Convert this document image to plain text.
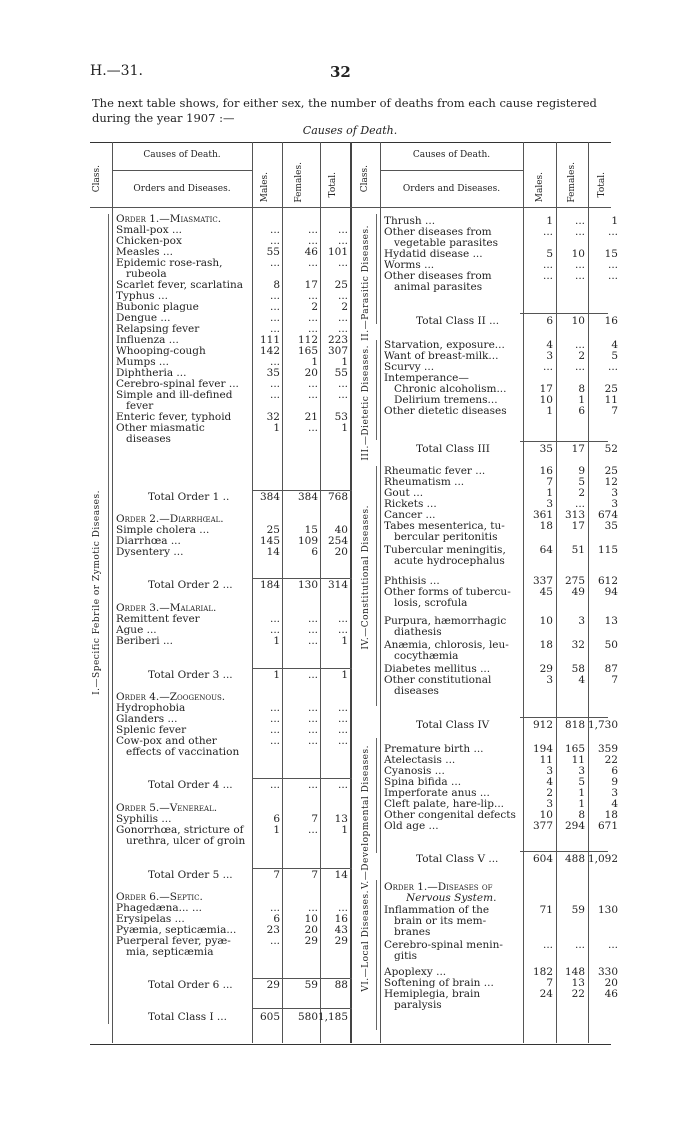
H.—31.	32
The next table shows, for either sex, the number of deaths from each cause registered during the year 1907 :—
Causes of Death.
Class.
Causes of Death.
Orders and Diseases.	Males.	Females.	Total. Class.
Causes of Death.
Orders and Diseases.	Males. Females. Total.
I.—Specific Febrile or Zymotic Diseases.
II.—Parasitic Diseases.
III.—Dietetic Diseases.
IV.—Constitutional Diseases.
V.—Developmental Diseases.
VI.—Local Diseases.
Order 1.—Miasmatic.
Small-pox ...	...	...	...
Chicken-pox	...	...	...
Measles ...	55	46 101
Epidemic rose-rash,	...	...	...
rubeola
Scarlet fever, scarlatina	8	17	25
Typhus ...	...	...	...
Bubonic plague	...	2	2
Dengue ...	...	...	...
Relapsing fever	...	...	...
Influenza ...	111	112 223
Whooping-cough	142	165 307
Mumps ...	...	1	1
Diphtheria ...	35	20	55
Cerebro-spinal fever ...	...	...	...
Simple and ill-defined	...	...	...
fever
Enteric fever, typhoid	32	21	53
Other miasmatic	1	...	1
diseases
Total Order 1 ..	384	384 768
Order 2.—Diarrhœal.
Simple cholera ...	25	15	40
Diarrhœa ...	145	109 254
Dysentery ...	14	6	20
Total Order 2 ...	184	130 314
Order 3.—Malarial.
Remittent fever	...	...	...
Ague ...	...	...	...
Beriberi ...	1	...	1
Total Order 3 ...	1	...	1
Order 4.—Zoogenous.
Hydrophobia	...	...	...
Glanders ...	...	...	...
Splenic fever	...	...	...
Cow-pox and other	...	...	...
effects of vaccination
Total Order 4 ...	...	...	...
Order 5.—Venereal.
Syphilis ...	6	7	13
Gonorrhœa, stricture of	1	...	1
urethra, ulcer of groin
Total Order 5 ...	7	7	14
Order 6.—Septic.
Phagedæna... ...	...	...	...
Erysipelas ...	6	10	16
Pyæmia, septicæmia...	23	20	43
Puerperal fever, pyæ-	...	29	29
mia, septicæmia
Total Order 6 ...	29	59	88
Total Class I ...	605	580 1,185
Thrush ...	1	...	1
Other diseases from	...	...	...
vegetable parasites
Hydatid disease ...	5	10	15
Worms ...	...	...	...
Other diseases from	...	...	...
animal parasites
Total Class II ...	6	10	16
Starvation, exposure...	4	...	4
Want of breast-milk...	3	2	5
Scurvy ...	...	...	...
Intemperance—
Chronic alcoholism...	17	8	25
Delirium tremens...	10	1	11
Other dietetic diseases	1	6	7
Total Class III	35	17	52
Rheumatic fever ...	16	9	25
Rheumatism ...	7	5	12
Gout ...	1	2	3
Rickets ...	3	...	3
Cancer ...	361	313	674
Tabes mesenterica, tu-	18	17	35
bercular peritonitis
Tubercular meningitis,	64	51	115
acute hydrocephalus
Phthisis ...	337	275	612
Other forms of tubercu-	45	49	94
losis, scrofula
Purpura, hæmorrhagic	10	3	13
diathesis
Anæmia, chlorosis, leu-	18	32	50
cocythæmia
Diabetes mellitus ...	29	58	87
Other constitutional	3	4	7
diseases
Total Class IV	912	818 1,730
Premature birth ...	194	165	359
Atelectasis ...	11	11	22
Cyanosis ...	3	3	6
Spina bifida ...	4	5	9
Imperforate anus ...	2	1	3
Cleft palate, hare-lip...	3	1	4
Other congenital defects	10	8	18
Old age ...	377	294	671
Total Class V ...	604	488 1,092
Order 1.—Diseases of
Nervous System.
Inflammation of the	71	59	130
brain or its mem-
branes
Cerebro-spinal menin-	...	...	...
gitis
Apoplexy ...	182	148	330
Softening of brain ...	7	13	20
Hemiplegia, brain	24	22	46
paralysis
